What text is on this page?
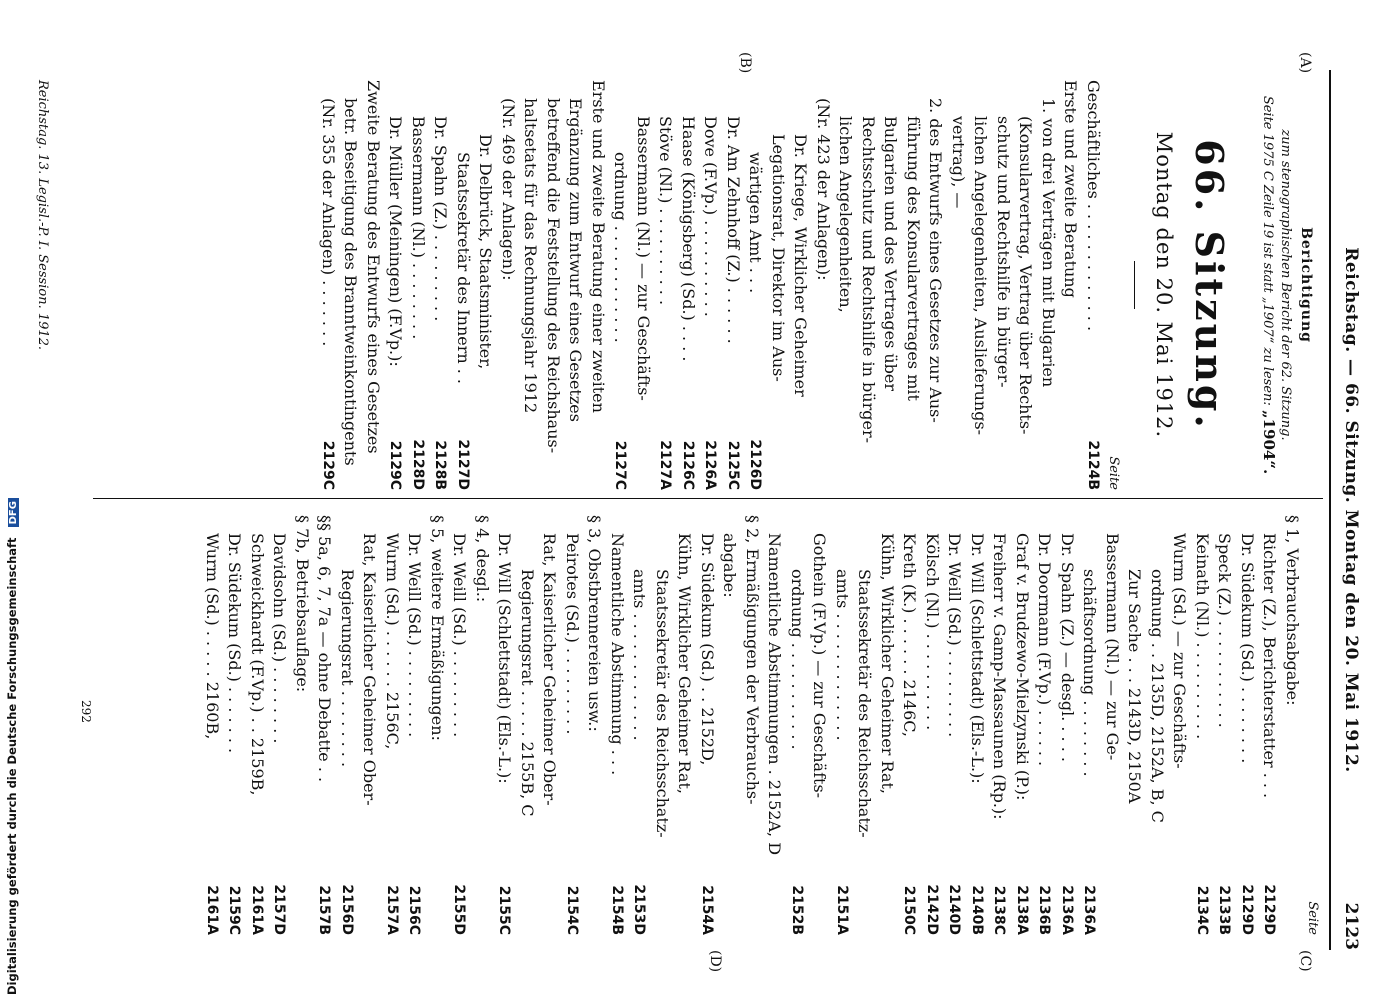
Reichstag. — 66. Sitzung. Montag den 20. Mai 1912.
2123
(A)
(B)
(C)
(D)
Berichtigung
zum stenographischen Bericht der 62. Sitzung.
Seite 1975 C Zeile 19 ist statt „1907“ zu lesen: „1904“.
66. Sitzung.
Montag den 20. Mai 1912.
Seite
Geschäftliches . . . . . . . . . . . . .
2124B
Erste und zweite Beratung
1. von drei Verträgen mit Bulgarien
(Konsularvertrag, Vertrag über Rechts-
schutz und Rechtshilfe in bürger-
lichen Angelegenheiten, Auslieferungs-
vertrag), —
2. des Entwurfs eines Gesetzes zur Aus-
führung des Konsularvertrages mit
Bulgarien und des Vertrages über
Rechtsschutz und Rechtshilfe in bürger-
lichen Angelegenheiten,
(Nr. 423 der Anlagen):
Dr. Kriege, Wirklicher Geheimer
Legationsrat, Direktor im Aus-
wärtigen Amt . . .
2126D
Dr. Am Zehnhoff (Z.) . . . . . .
2125C
Dove (F.Vp.) . . . . . . . . . .
2126A
Haase (Königsberg) (Sd.) . . . .
2126C
Stöve (Nl.) . . . . . . . . . .
2127A
Bassermann (Nl.) — zur Geschäfts-
ordnung . . . . . . . . . . . .
2127C
Erste und zweite Beratung einer zweiten
Ergänzung zum Entwurf eines Gesetzes
betreffend die Feststellung des Reichshaus-
haltsetats für das Rechnungsjahr 1912
(Nr. 469 der Anlagen):
Dr. Delbrück, Staatsminister,
Staatssekretär des Innern . .
2127D
Dr. Spahn (Z.) . . . . . . . . .
2128B
Bassermann (Nl.) . . . . . . . .
2128D
Dr. Müller (Meiningen) (F.Vp.):
2129C
Zweite Beratung des Entwurfs eines Gesetzes
betr. Beseitigung des Branntweinkontingents
(Nr. 355 der Anlagen) . . . . . . .
2129C
Reichstag. 13. Legisl.-P. I. Session. 1912.
Seite
§ 1, Verbrauchsabgabe:
Richter (Z.), Berichterstatter . . .
2129D
Dr. Südekum (Sd.) . . . . . . . .
2129D
Speck (Z.) . . . . . . . . . . .
2133B
Keinath (Nl.) . . . . . . . . . .
2134C
Wurm (Sd.) — zur Geschäfts-
ordnung . . 2135D, 2152A, B, C
Zur Sache . . . 2143D, 2150A
Bassermann (Nl.) — zur Ge-
schäftsordnung . . . . . . . .
2136A
Dr. Spahn (Z.) — desgl. . . . .
2136A
Dr. Doormann (F.Vp.) . . . . . .
2136B
Graf v. Brudzewo-Mielzynski (P.):
2138A
Freiherr v. Gamp-Massaunen (Rp.):
2138C
Dr. Will (Schlettstadt) (Els.-L.):
2140B
Dr. Weill (Sd.) . . . . . . . . .
2140D
Kölsch (Nl.) . . . . . . . . . .
2142D
Kreth (K.) . . . . . . 2146C,
2150C
Kühn, Wirklicher Geheimer Rat,
Staatssekretär des Reichsschatz-
amts . . . . . . . . . . . . .
2151A
Gothein (F.Vp.) — zur Geschäfts-
ordnung . . . . . . . . . . .
2152B
Namentliche Abstimmungen . 2152A, D
§ 2, Ermäßigungen der Verbrauchs-
abgabe:
Dr. Südekum (Sd.) . . 2152D,
2154A
Kühn, Wirklicher Geheimer Rat,
Staatssekretär des Reichsschatz-
amts . . . . . . . . . . . . .
2153D
Namentliche Abstimmung . . .
2154B
§ 3, Obstbrennereien usw.:
Peirotes (Sd.) . . . . . . . . .
2154C
Rat, Kaiserlicher Geheimer Ober-
Regierungsrat . . . . . 2155B, C
Dr. Will (Schlettstadt) (Els.-L.):
2155C
§ 4, desgl.:
Dr. Weill (Sd.) . . . . . . . . .
2155D
§ 5, weitere Ermäßigungen:
Dr. Weill (Sd.) . . . . . . . . .
2156C
Wurm (Sd.) . . . . . . 2156C,
2157A
Rat, Kaiserlicher Geheimer Ober-
Regierungsrat . . . . . . . .
2156D
§§ 5a, 6, 7, 7a — ohne Debatte . .
2157B
§ 7b, Betriebsauflage:
Davidsohn (Sd.) . . . . . . . .
2157D
Schweickhardt (F.Vp.) . . 2159B,
2161A
Dr. Südekum (Sd.) . . . . . . .
2159C
Wurm (Sd.) . . . . . 2160B,
2161A
292
Digitalisierung gefördert durch die Deutsche Forschungsgemeinschaft DFG
